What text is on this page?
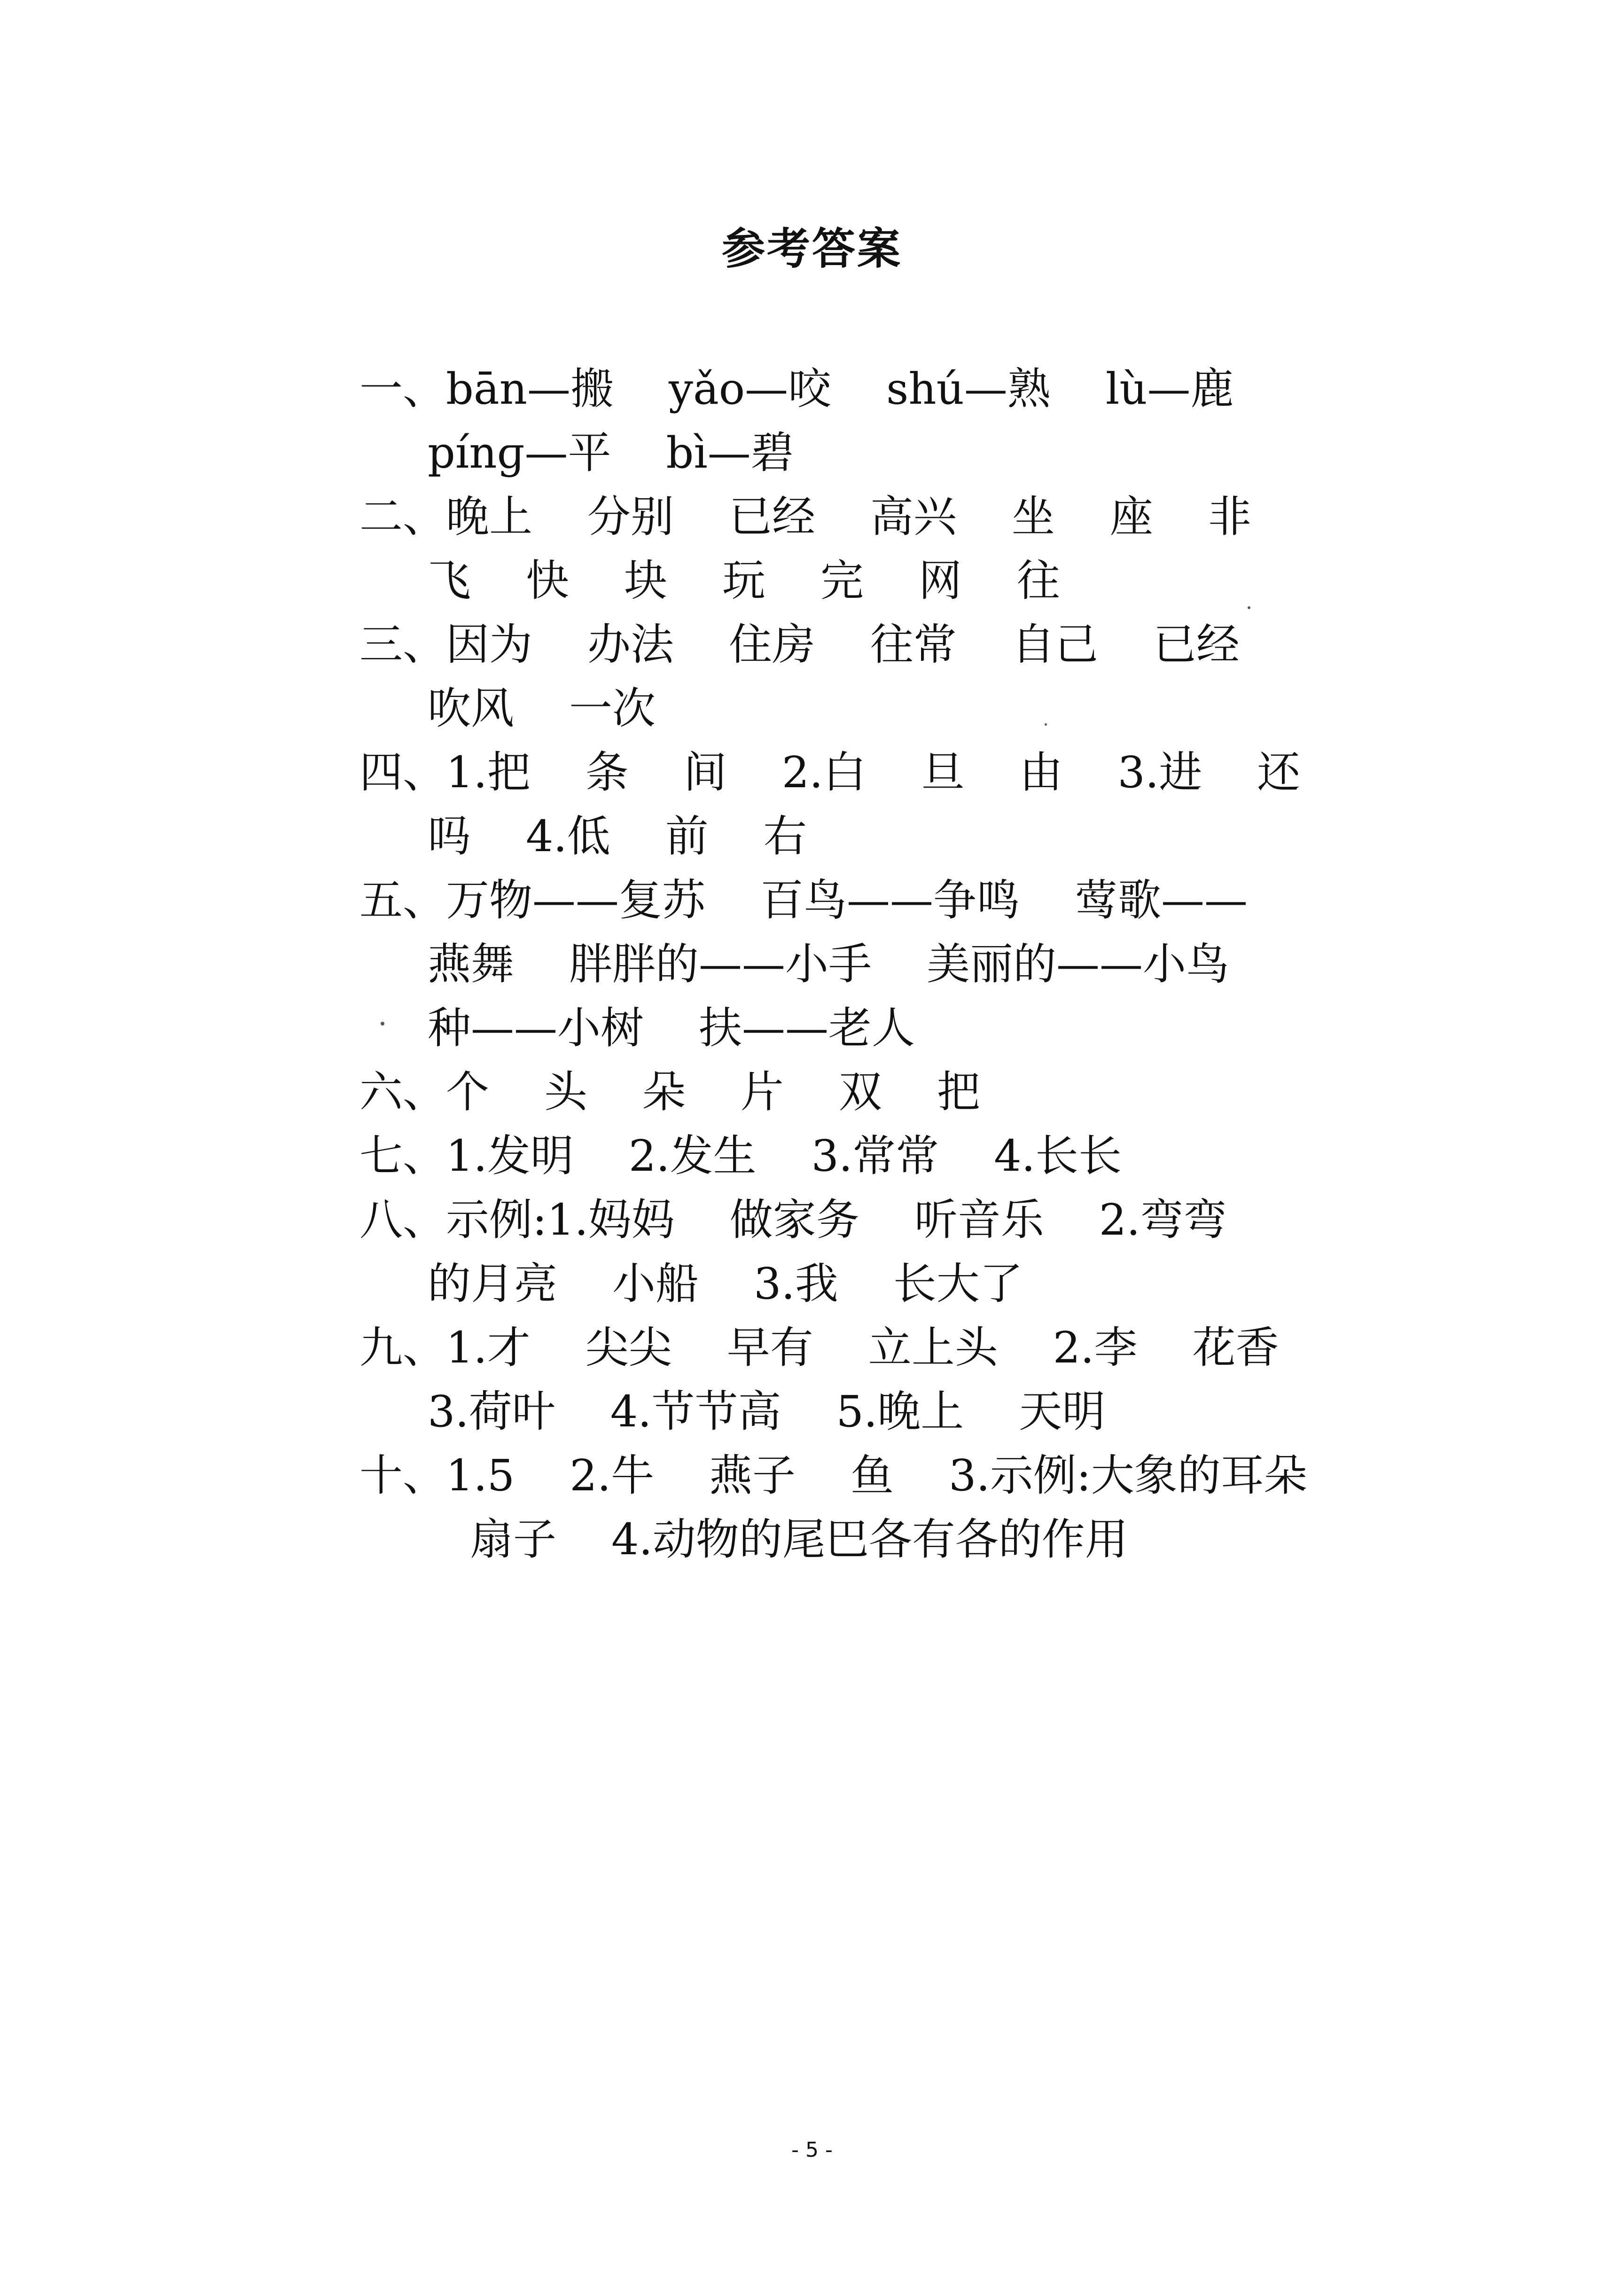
参考答案
一、bān—搬    yǎo—咬    shú—熟    lù—鹿
pínɡ—平    bì—碧
二、晚上    分别    已经    高兴    坐    座    非
飞    快    块    玩    完    网    往
三、因为    办法    住房    往常    自己    已经
吹风    一次
四、1.把    条    间    2.白    旦    由    3.进    还
吗    4.低    前    右
五、万物——复苏    百鸟——争鸣    莺歌——
燕舞    胖胖的——小手    美丽的——小鸟
种——小树    扶——老人
六、个    头    朵    片    双    把
七、1.发明    2.发生    3.常常    4.长长
八、示例:1.妈妈    做家务    听音乐    2.弯弯
的月亮    小船    3.我    长大了
九、1.才    尖尖    早有    立上头    2.李    花香
3.荷叶    4.节节高    5.晚上    天明
十、1.5    2.牛    燕子    鱼    3.示例:大象的耳朵
扇子    4.动物的尾巴各有各的作用
- 5 -
